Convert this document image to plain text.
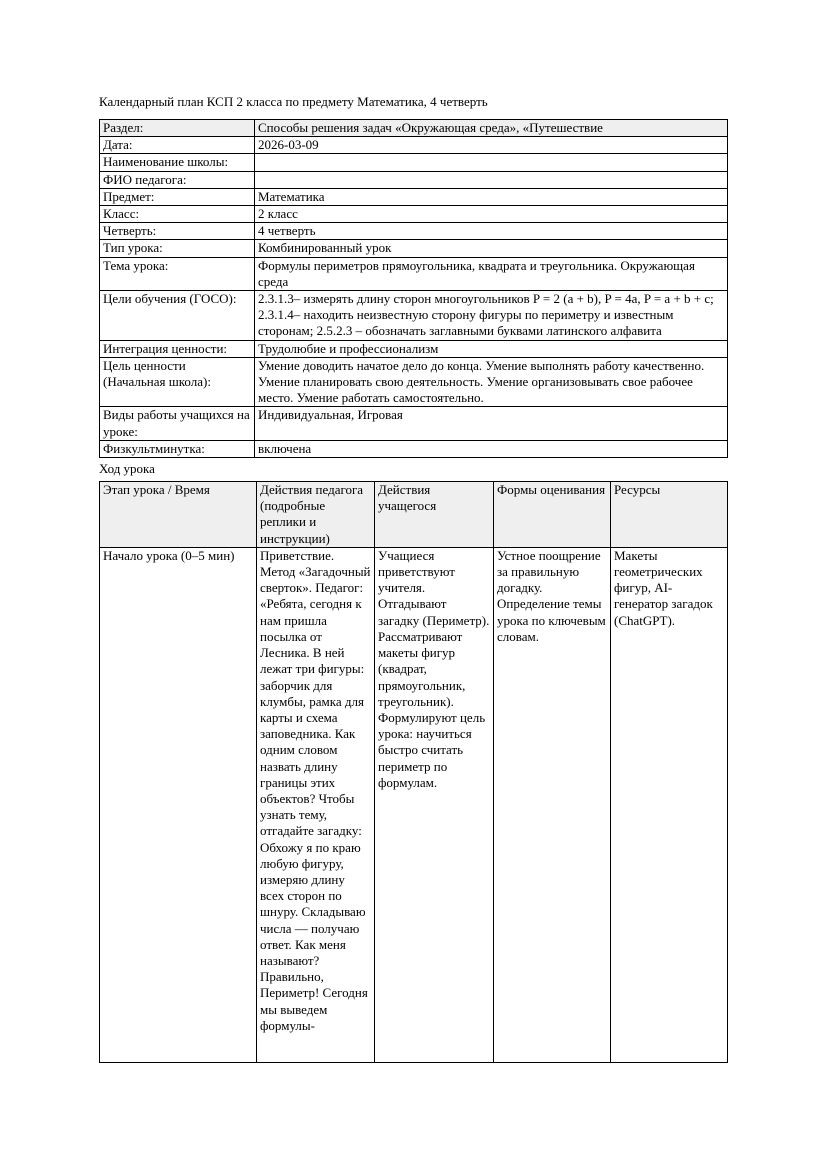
Календарный план КСП 2 класса по предмету Математика, 4 четверть

Раздел:	Способы решения задач «Окружающая среда», «Путешествие
Дата:	2026-03-09
Наименование школы:	
ФИО педагога:	
Предмет:	Математика
Класс:	2 класс
Четверть:	4 четверть
Тип урока:	Комбинированный урок
Тема урока:	Формулы периметров прямоугольника, квадрата и треугольника. Окружающая среда
Цели обучения (ГОСО):	2.3.1.3– измерять длину сторон многоугольников P = 2 (a + b), P = 4a, P = a + b + c; 2.3.1.4– находить неизвестную сторону фигуры по периметру и известным сторонам; 2.5.2.3 – обозначать заглавными буквами латинского алфавита
Интеграция ценности:	Трудолюбие и профессионализм
Цель ценности (Начальная школа):	Умение доводить начатое дело до конца. Умение выполнять работу качественно. Умение планировать свою деятельность. Умение организовывать свое рабочее место. Умение работать самостоятельно.
Виды работы учащихся на уроке:	Индивидуальная, Игровая
Физкультминутка:	включена

Ход урока

Этап урока / Время	Действия педагога (подробные реплики и инструкции)	Действия учащегося	Формы оценивания	Ресурсы
Начало урока (0–5 мин)	Приветствие. Метод «Загадочный сверток». Педагог: «Ребята, сегодня к нам пришла посылка от Лесника. В ней лежат три фигуры: заборчик для клумбы, рамка для карты и схема заповедника. Как одним словом назвать длину границы этих объектов? Чтобы узнать тему, отгадайте загадку: Обхожу я по краю любую фигуру, измеряю длину всех сторон по шнуру. Складываю числа — получаю ответ. Как меня называют? Правильно, Периметр! Сегодня мы выведем формулы-	Учащиеся приветствуют учителя. Отгадывают загадку (Периметр). Рассматривают макеты фигур (квадрат, прямоугольник, треугольник). Формулируют цель урока: научиться быстро считать периметр по формулам.	Устное поощрение за правильную догадку. Определение темы урока по ключевым словам.	Макеты геометрических фигур, AI-генератор загадок (ChatGPT).
